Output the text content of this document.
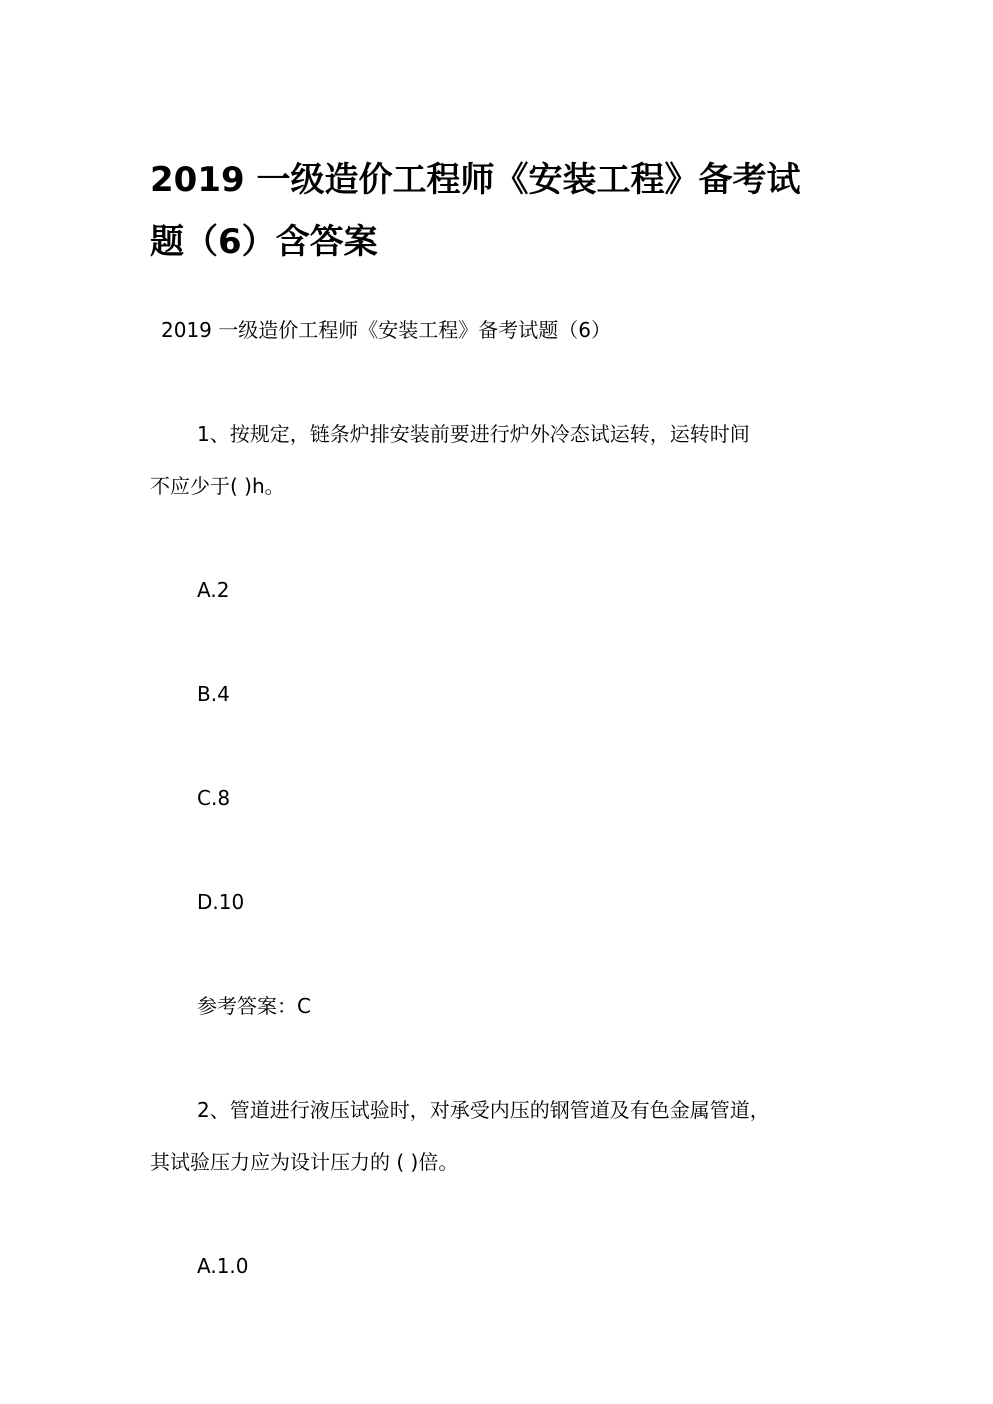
2019 一级造价工程师《安装工程》备考试
题（6）含答案

2019 一级造价工程师《安装工程》备考试题（6）

1、按规定，链条炉排安装前要进行炉外冷态试运转，运转时间

不应少于( )h。

A.2

B.4

C.8

D.10

参考答案：C

2、管道进行液压试验时，对承受内压的钢管道及有色金属管道，

其试验压力应为设计压力的 ( )倍。

A.1.0
